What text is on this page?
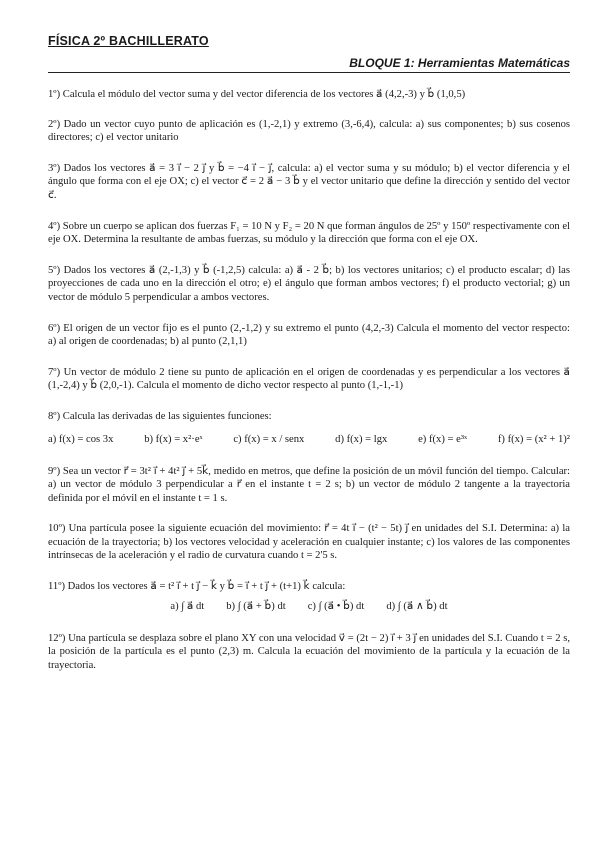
FÍSICA 2º BACHILLERATO
BLOQUE 1: Herramientas Matemáticas
1º) Calcula el módulo del vector suma y del vector diferencia de los vectores a⃗ (4,2,-3) y b⃗ (1,0,5)
2º) Dado un vector cuyo punto de aplicación es (1,-2,1) y extremo (3,-6,4), calcula: a) sus componentes; b) sus cosenos directores; c) el vector unitario
3º) Dados los vectores a⃗ = 3 i⃗ − 2 j⃗ y b⃗ = −4 i⃗ − j⃗, calcula: a) el vector suma y su módulo; b) el vector diferencia y el ángulo que forma con el eje OX; c) el vector c⃗ = 2 a⃗ − 3 b⃗ y el vector unitario que define la dirección y sentido del vector c⃗.
4º) Sobre un cuerpo se aplican dos fuerzas F₁ = 10 N y F₂ = 20 N que forman ángulos de 25º y 150º respectivamente con el eje OX. Determina la resultante de ambas fuerzas, su módulo y la dirección que forma con el eje OX.
5º) Dados los vectores a⃗ (2,-1,3) y b⃗ (-1,2,5) calcula: a) a⃗ - 2 b⃗; b) los vectores unitarios; c) el producto escalar; d) las proyecciones de cada uno en la dirección el otro; e) el ángulo que forman ambos vectores; f) el producto vectorial; g) un vector de módulo 5 perpendicular a ambos vectores.
6º) El origen de un vector fijo es el punto (2,-1,2) y su extremo el punto (4,2,-3) Calcula el momento del vector respecto: a) al origen de coordenadas; b) al punto (2,1,1)
7º) Un vector de módulo 2 tiene su punto de aplicación en el origen de coordenadas y es perpendicular a los vectores a⃗ (1,-2,4) y b⃗ (2,0,-1). Calcula el momento de dicho vector respecto al punto (1,-1,-1)
8º) Calcula las derivadas de las siguientes funciones:
a) f(x) = cos 3x	b) f(x) = x²·eˣ	c) f(x) = x / senx	d) f(x) = lgx	e) f(x) = e³ˣ	f) f(x) = (x² + 1)²
9º) Sea un vector r⃗ = 3t² i⃗ + 4t² j⃗ + 5k⃗, medido en metros, que define la posición de un móvil función del tiempo. Calcular: a) un vector de módulo 3 perpendicular a r⃗ en el instante t = 2 s; b) un vector de módulo 2 tangente a la trayectoria definida por el móvil en el instante t = 1 s.
10º) Una partícula posee la siguiente ecuación del movimiento: r⃗ = 4t i⃗ − (t² − 5t) j⃗ en unidades del S.I. Determina: a) la ecuación de la trayectoria; b) los vectores velocidad y aceleración en cualquier instante; c) los valores de las componentes intrínsecas de la aceleración y el radio de curvatura cuando t = 2'5 s.
11º) Dados los vectores a⃗ = t² i⃗ + t j⃗ − k⃗ y b⃗ = i⃗ + t j⃗ + (t+1) k⃗ calcula:
a) ∫ a⃗ dt b) ∫ (a⃗ + b⃗) dt c) ∫ (a⃗ • b⃗) dt d) ∫ (a⃗ ∧ b⃗) dt
12º) Una partícula se desplaza sobre el plano XY con una velocidad v⃗ = (2t − 2) i⃗ + 3 j⃗ en unidades del S.I. Cuando t = 2 s, la posición de la partícula es el punto (2,3) m. Calcula la ecuación del movimiento de la partícula y la ecuación de la trayectoria.
